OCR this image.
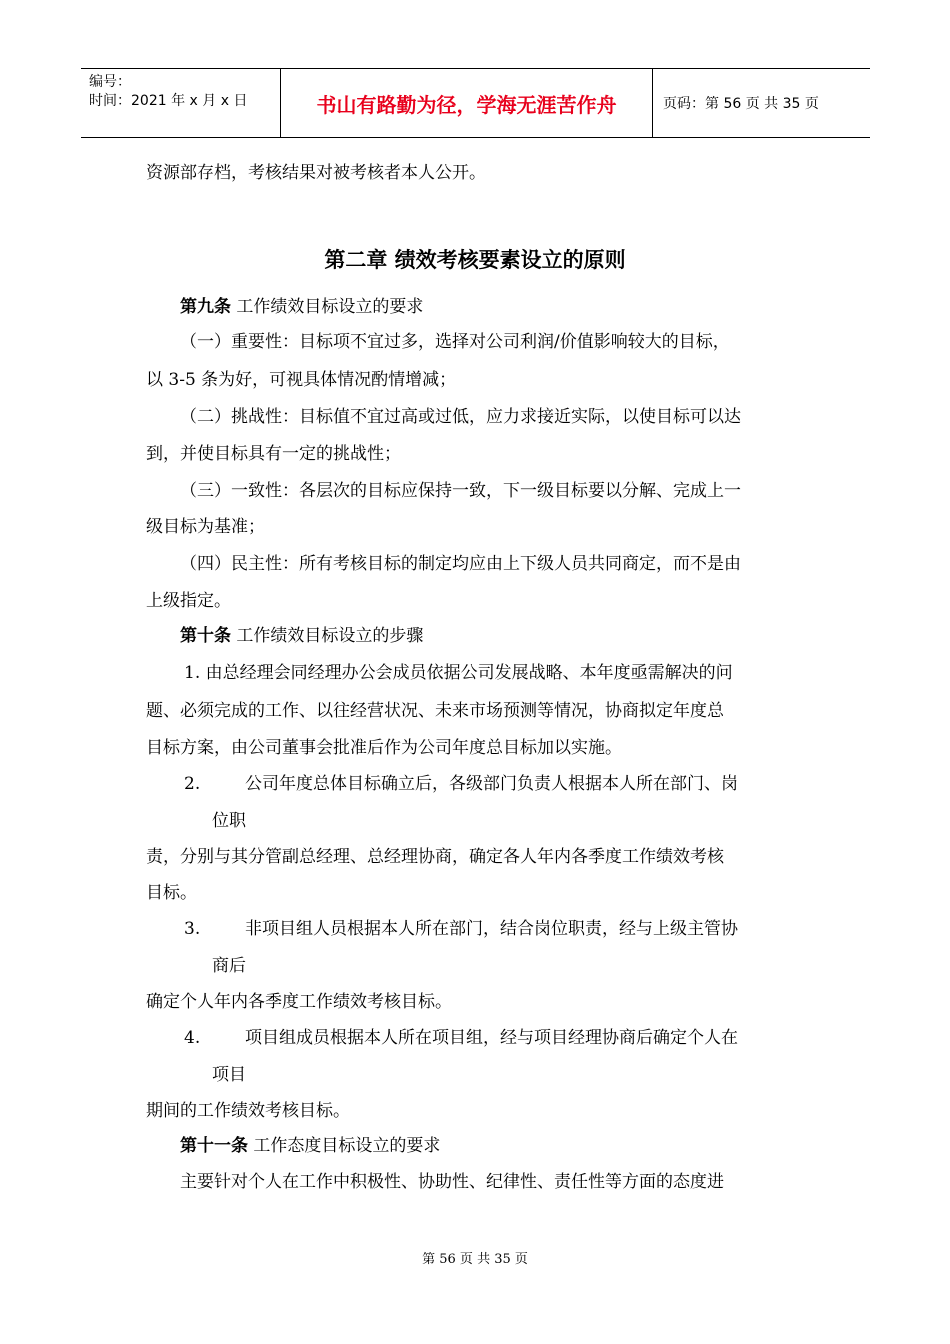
编号：
时间：2021 年 x 月 x 日	书山有路勤为径，学海无涯苦作舟	页码：第 56 页 共 35 页
资源部存档，考核结果对被考核者本人公开。
第二章 绩效考核要素设立的原则
第九条 工作绩效目标设立的要求
（一）重要性：目标项不宜过多，选择对公司利润/价值影响较大的目标，
以 3-5 条为好，可视具体情况酌情增减；
（二）挑战性：目标值不宜过高或过低，应力求接近实际，以使目标可以达
到，并使目标具有一定的挑战性；
（三）一致性：各层次的目标应保持一致，下一级目标要以分解、完成上一
级目标为基准；
（四）民主性：所有考核目标的制定均应由上下级人员共同商定，而不是由
上级指定。
第十条 工作绩效目标设立的步骤
1. 由总经理会同经理办公会成员依据公司发展战略、本年度亟需解决的问
题、必须完成的工作、以往经营状况、未来市场预测等情况，协商拟定年度总
目标方案，由公司董事会批准后作为公司年度总目标加以实施。
2.	公司年度总体目标确立后，各级部门负责人根据本人所在部门、岗
位职
责，分别与其分管副总经理、总经理协商，确定各人年内各季度工作绩效考核
目标。
3.	非项目组人员根据本人所在部门，结合岗位职责，经与上级主管协
商后
确定个人年内各季度工作绩效考核目标。
4.	项目组成员根据本人所在项目组，经与项目经理协商后确定个人在
项目
期间的工作绩效考核目标。
第十一条 工作态度目标设立的要求
主要针对个人在工作中积极性、协助性、纪律性、责任性等方面的态度进
第 56 页 共 35 页
